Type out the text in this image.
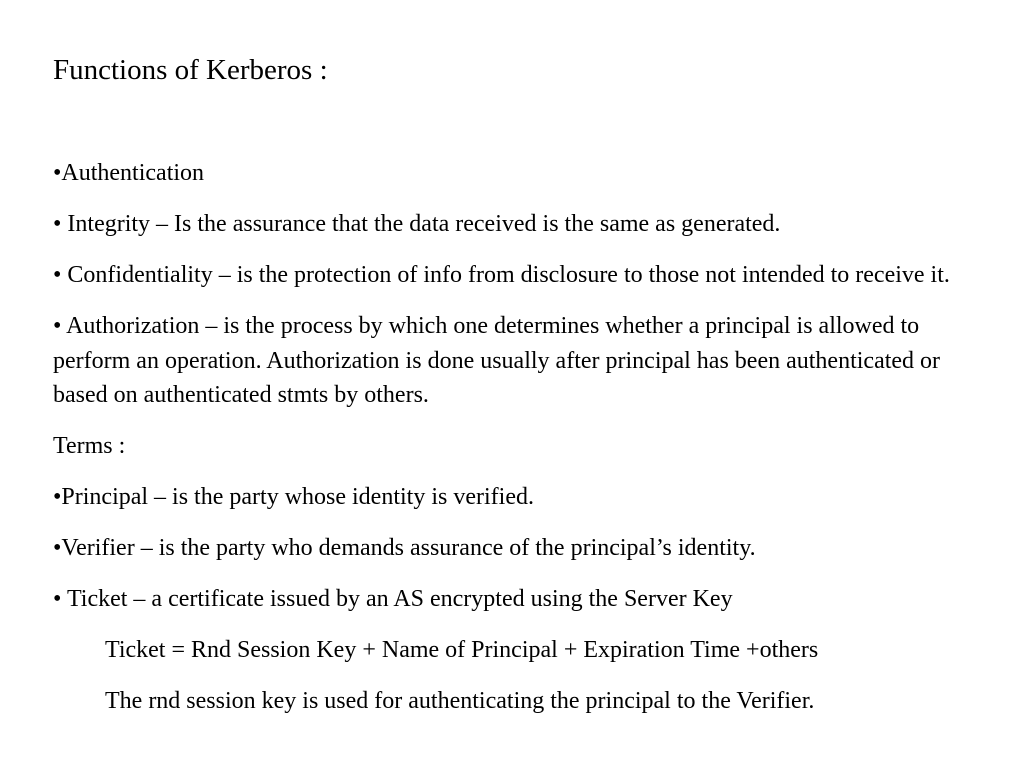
Functions of Kerberos :

•Authentication

• Integrity – Is the assurance that the data received is the same as generated.

• Confidentiality – is the protection of info from disclosure to those not intended to receive it.

• Authorization – is the process by which one determines whether a principal is allowed to perform an operation. Authorization is done usually after principal has been authenticated or based on authenticated stmts by others.

Terms :

•Principal – is the party whose identity is verified.

•Verifier – is the party who demands assurance of the principal’s identity.

• Ticket – a certificate issued by an AS encrypted using the Server Key

Ticket = Rnd Session Key + Name of Principal + Expiration Time +others

The rnd session key is used for authenticating the principal to the Verifier.
